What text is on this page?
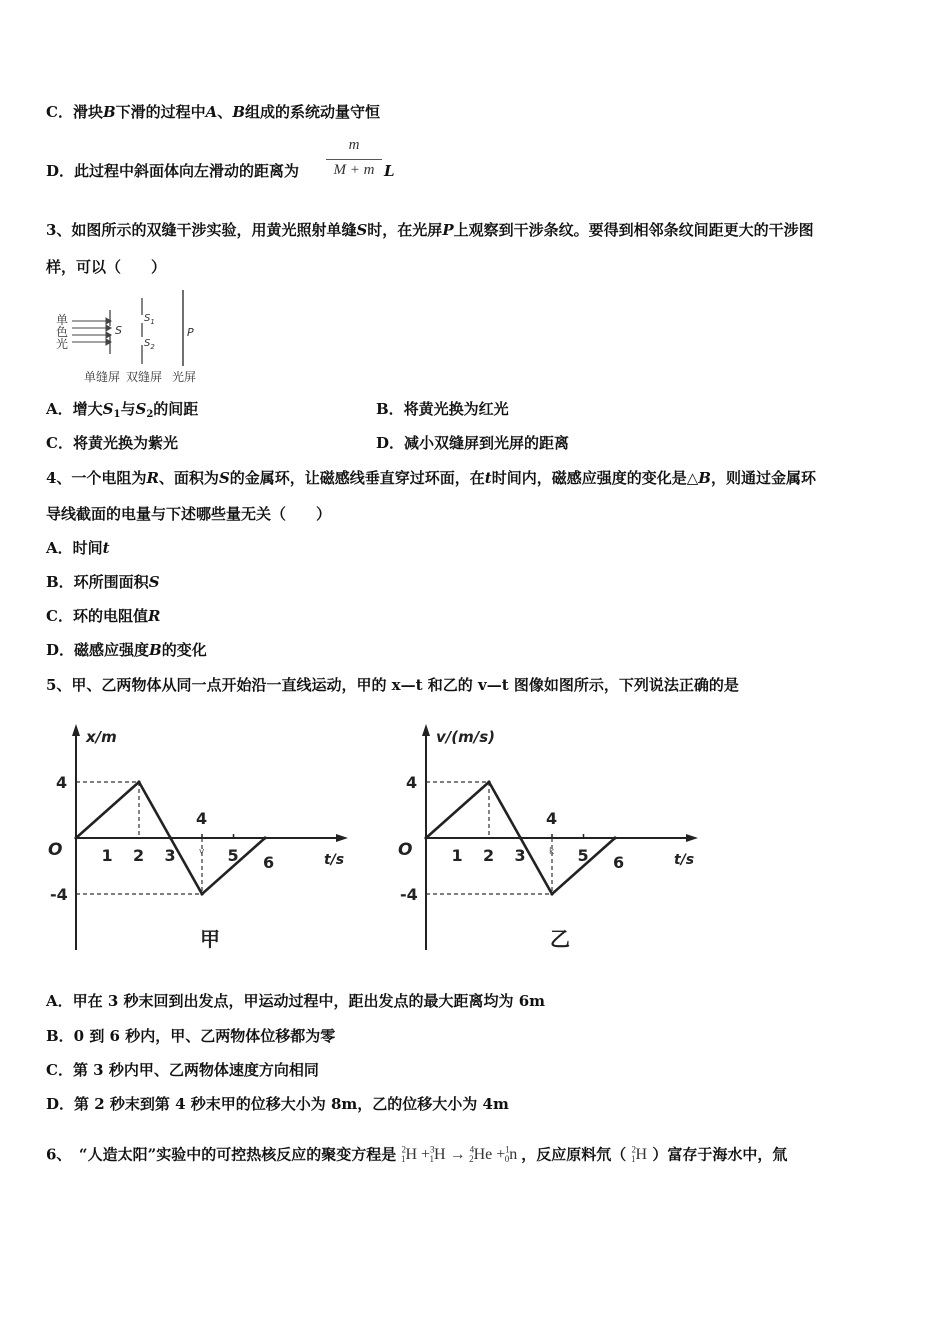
C．滑块B下滑的过程中A、B组成的系统动量守恒
D．此过程中斜面体向左滑动的距离为
m
M + m L
3、如图所示的双缝干涉实验，用黄光照射单缝S时，在光屏P上观察到干涉条纹。要得到相邻条纹间距更大的干涉图
样，可以（　　）
单
色
光
S
$S_1$
$S_2$
P
单缝屏 双缝屏 光屏
A．增大$S_1$与$S_2$的间距	B．将黄光换为红光
C．将黄光换为紫光	D．减小双缝屏到光屏的距离
4、一个电阻为R、面积为S的金属环，让磁感线垂直穿过环面，在t时间内，磁感应强度的变化是△B，则通过金属环
导线截面的电量与下述哪些量无关（　　）
A．时间t
B．环所围面积S
C．环的电阻值R
D．磁感应强度B的变化
5、甲、乙两物体从同一点开始沿一直线运动，甲的 x—t 和乙的 v—t 图像如图所示，下列说法正确的是
x/m
t/s
O
4
-4
1 2 3	5 6
4
v
甲
v/(m/s)
t/s
O
4
-4
1 2 3	5 6
4
k
乙
A．甲在 3 秒末回到出发点，甲运动过程中，距出发点的最大距离均为 6m
B．0 到 6 秒内，甲、乙两物体位移都为零
C．第 3 秒内甲、乙两物体速度方向相同
D．第 2 秒末到第 4 秒末甲的位移大小为 8m，乙的位移大小为 4m
6、　“人造太阳”实验中的可控热核反应的聚变方程是 $^2_1$H +$^3_1$H → $^4_2$He +$^1_0$n ，反应原料氘（ $^2_1$H ）富存于海水中，氚
